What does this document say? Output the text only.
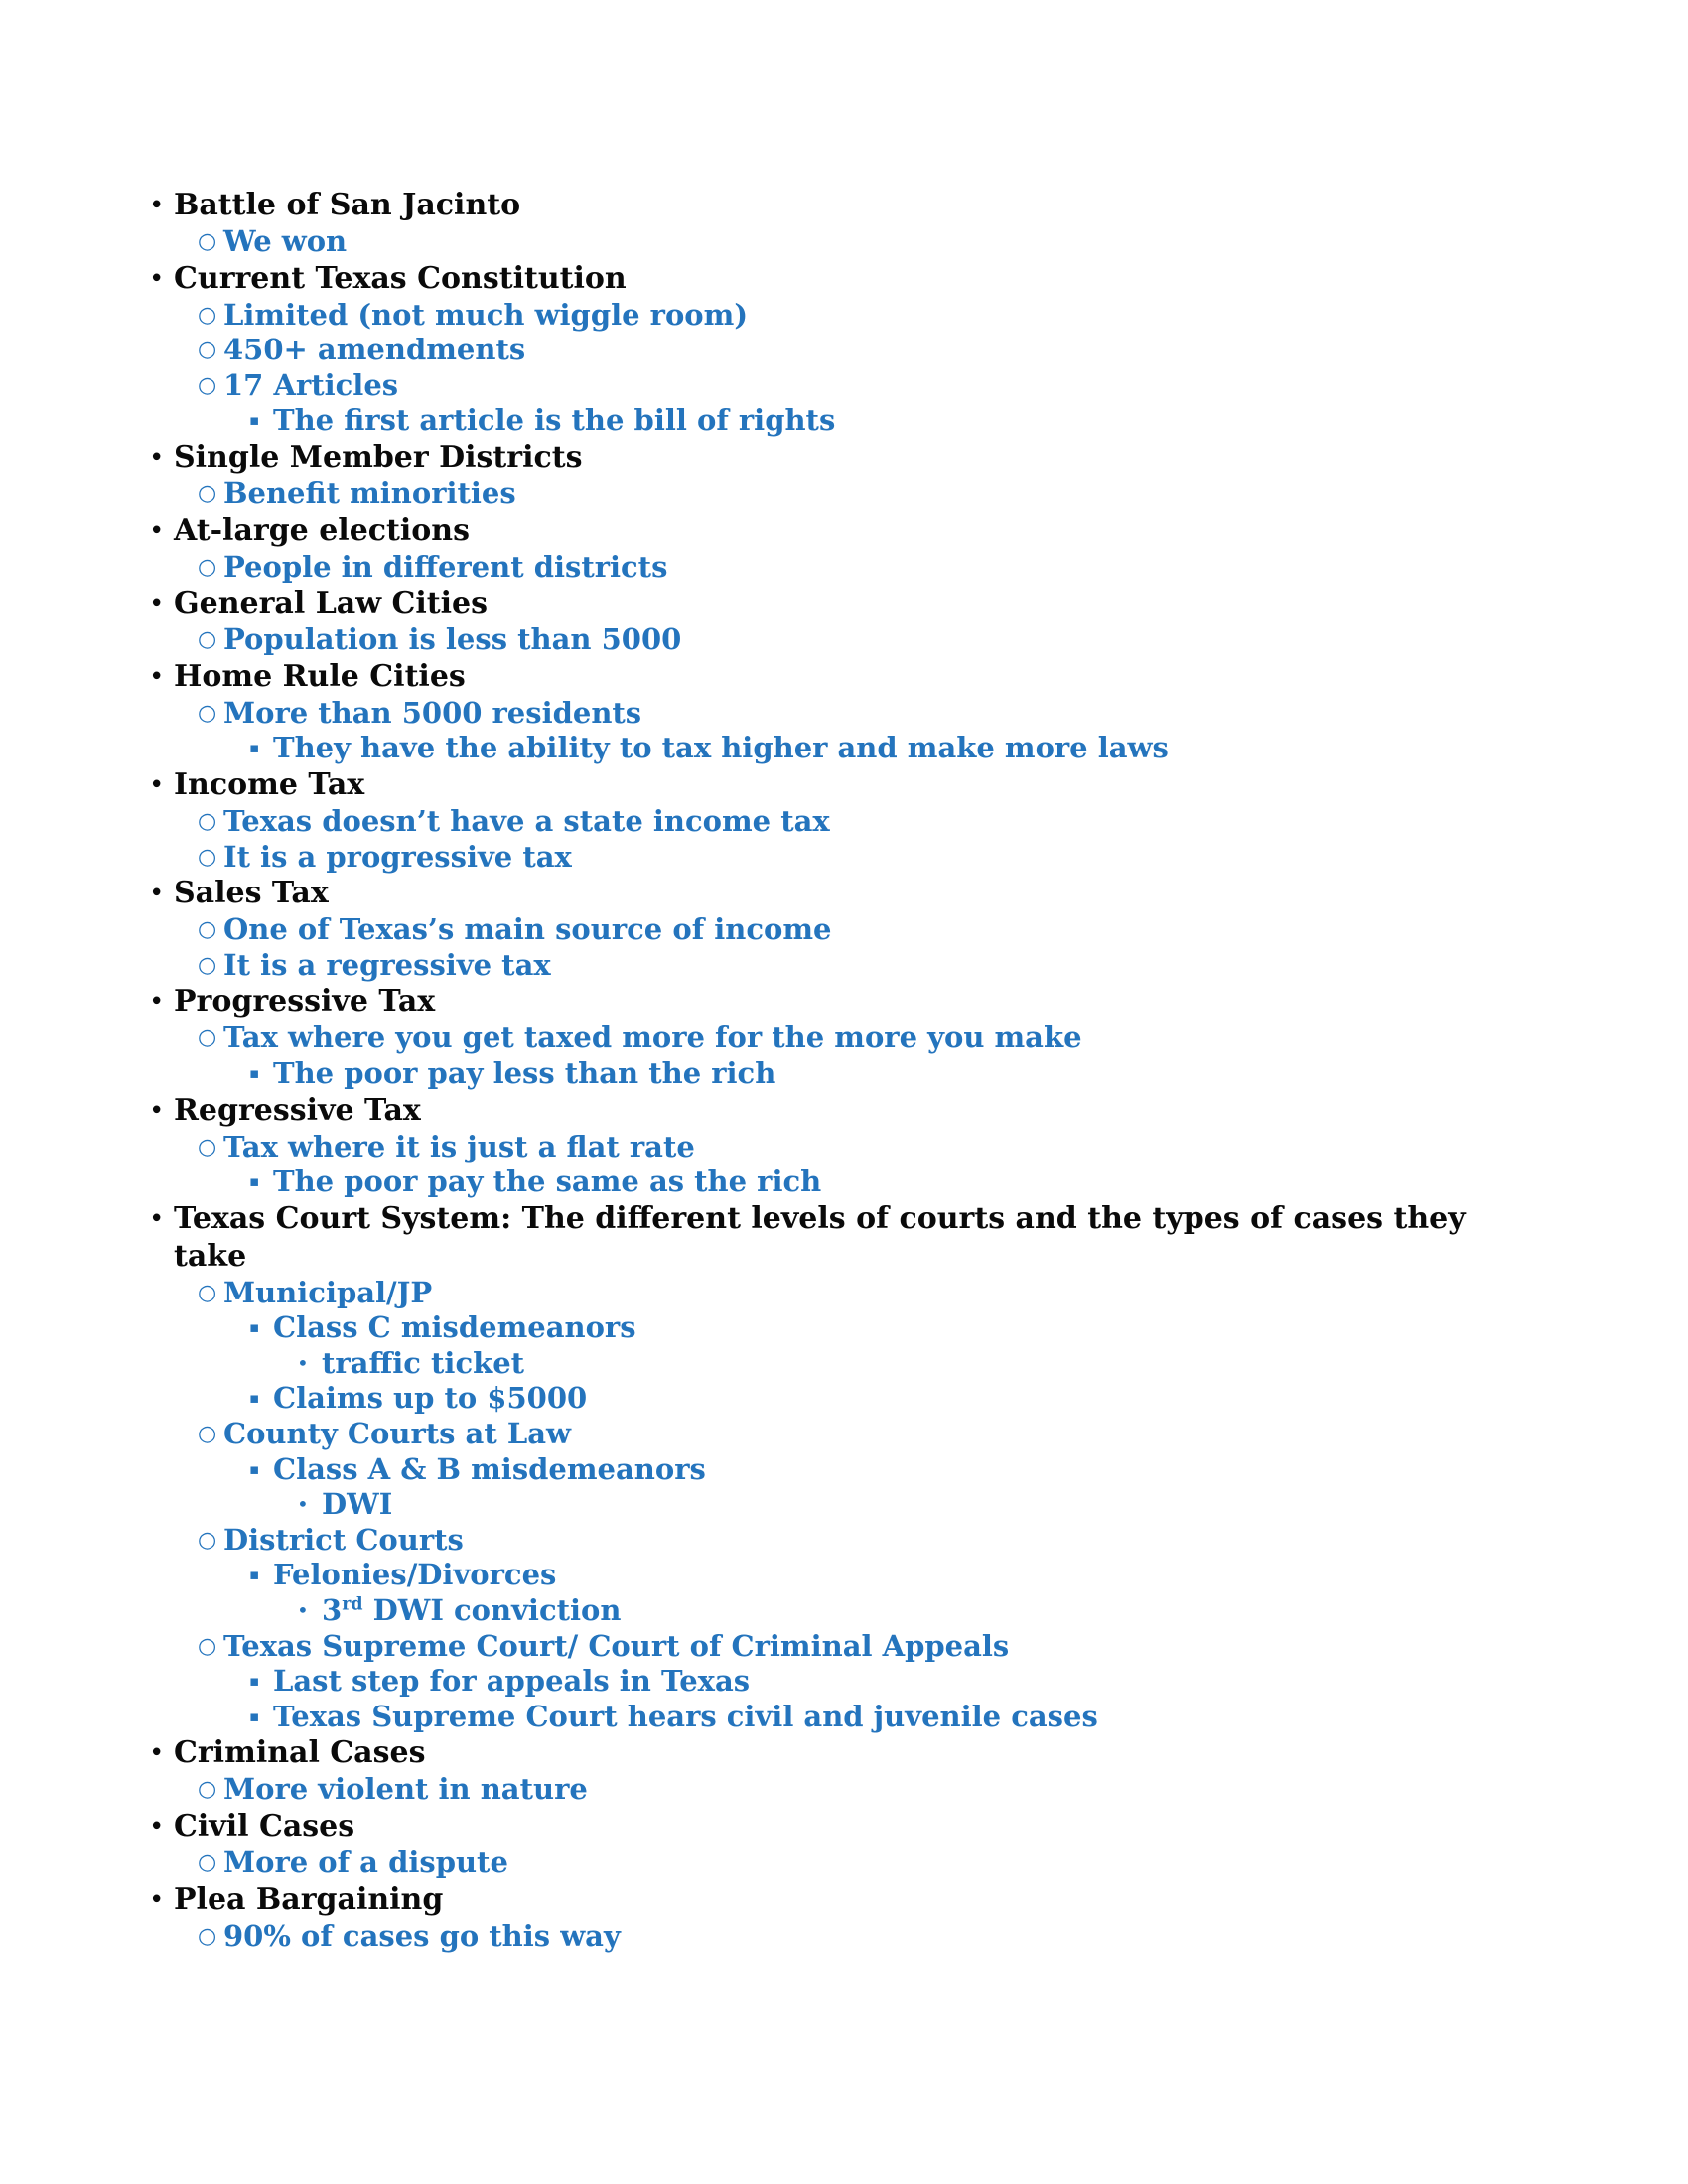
• Battle of San Jacinto
○ We won
• Current Texas Constitution
○ Limited (not much wiggle room)
○ 450+ amendments
○ 17 Articles
▪ The first article is the bill of rights
• Single Member Districts
○ Benefit minorities
• At-large elections
○ People in different districts
• General Law Cities
○ Population is less than 5000
• Home Rule Cities
○ More than 5000 residents
▪ They have the ability to tax higher and make more laws
• Income Tax
○ Texas doesn’t have a state income tax
○ It is a progressive tax
• Sales Tax
○ One of Texas’s main source of income
○ It is a regressive tax
• Progressive Tax
○ Tax where you get taxed more for the more you make
▪ The poor pay less than the rich
• Regressive Tax
○ Tax where it is just a flat rate
▪ The poor pay the same as the rich
• Texas Court System: The different levels of courts and the types of cases they take
○ Municipal/JP
▪ Class C misdemeanors
• traffic ticket
▪ Claims up to $5000
○ County Courts at Law
▪ Class A & B misdemeanors
• DWI
○ District Courts
▪ Felonies/Divorces
• 3rd DWI conviction
○ Texas Supreme Court/ Court of Criminal Appeals
▪ Last step for appeals in Texas
▪ Texas Supreme Court hears civil and juvenile cases
• Criminal Cases
○ More violent in nature
• Civil Cases
○ More of a dispute
• Plea Bargaining
○ 90% of cases go this way
